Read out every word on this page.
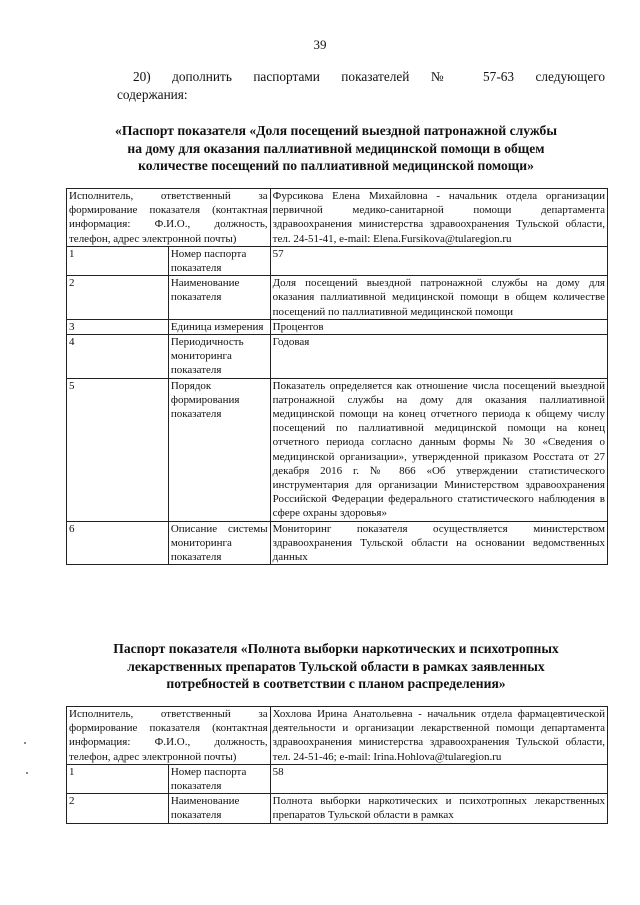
39
20) дополнить паспортами показателей № 57-63 следующего
содержания:
«Паспорт показателя «Доля посещений выездной патронажной службы
на дому для оказания паллиативной медицинской помощи в общем
количестве посещений по паллиативной медицинской помощи»
Исполнитель, ответственный за формирование показателя (контактная информация: Ф.И.О., должность, телефон, адрес электронной почты)		Фурсикова Елена Михайловна - начальник отдела организации первичной медико-санитарной помощи департамента здравоохранения министерства здравоохранения Тульской области, тел. 24-51-41, e-mail: Elena.Fursikova@tularegion.ru
1	Номер паспорта показателя	57
2	Наименование показателя	Доля посещений выездной патронажной службы на дому для оказания паллиативной медицинской помощи в общем количестве посещений по паллиативной медицинской помощи
3	Единица измерения	Процентов
4	Периодичность мониторинга показателя	Годовая
5	Порядок формирования показателя	Показатель определяется как отношение числа посещений выездной патронажной службы на дому для оказания паллиативной медицинской помощи на конец отчетного периода к общему числу посещений по паллиативной медицинской помощи на конец отчетного периода согласно данным формы № 30 «Сведения о медицинской организации», утвержденной приказом Росстата от 27 декабря 2016 г. № 866 «Об утверждении статистического инструментария для организации Министерством здравоохранения Российской Федерации федерального статистического наблюдения в сфере охраны здоровья»
6	Описание системы мониторинга показателя	Мониторинг показателя осуществляется министерством здравоохранения Тульской области на основании ведомственных данных
Паспорт показателя «Полнота выборки наркотических и психотропных
лекарственных препаратов Тульской области в рамках заявленных
потребностей в соответствии с планом распределения»
Исполнитель, ответственный за формирование показателя (контактная информация: Ф.И.О., должность, телефон, адрес электронной почты)		Хохлова Ирина Анатольевна - начальник отдела фармацевтической деятельности и организации лекарственной помощи департамента здравоохранения министерства здравоохранения Тульской области, тел. 24-51-46; e-mail: Irina.Hohlova@tularegion.ru
1	Номер паспорта показателя	58
2	Наименование показателя	Полнота выборки наркотических и психотропных лекарственных препаратов Тульской области в рамках
